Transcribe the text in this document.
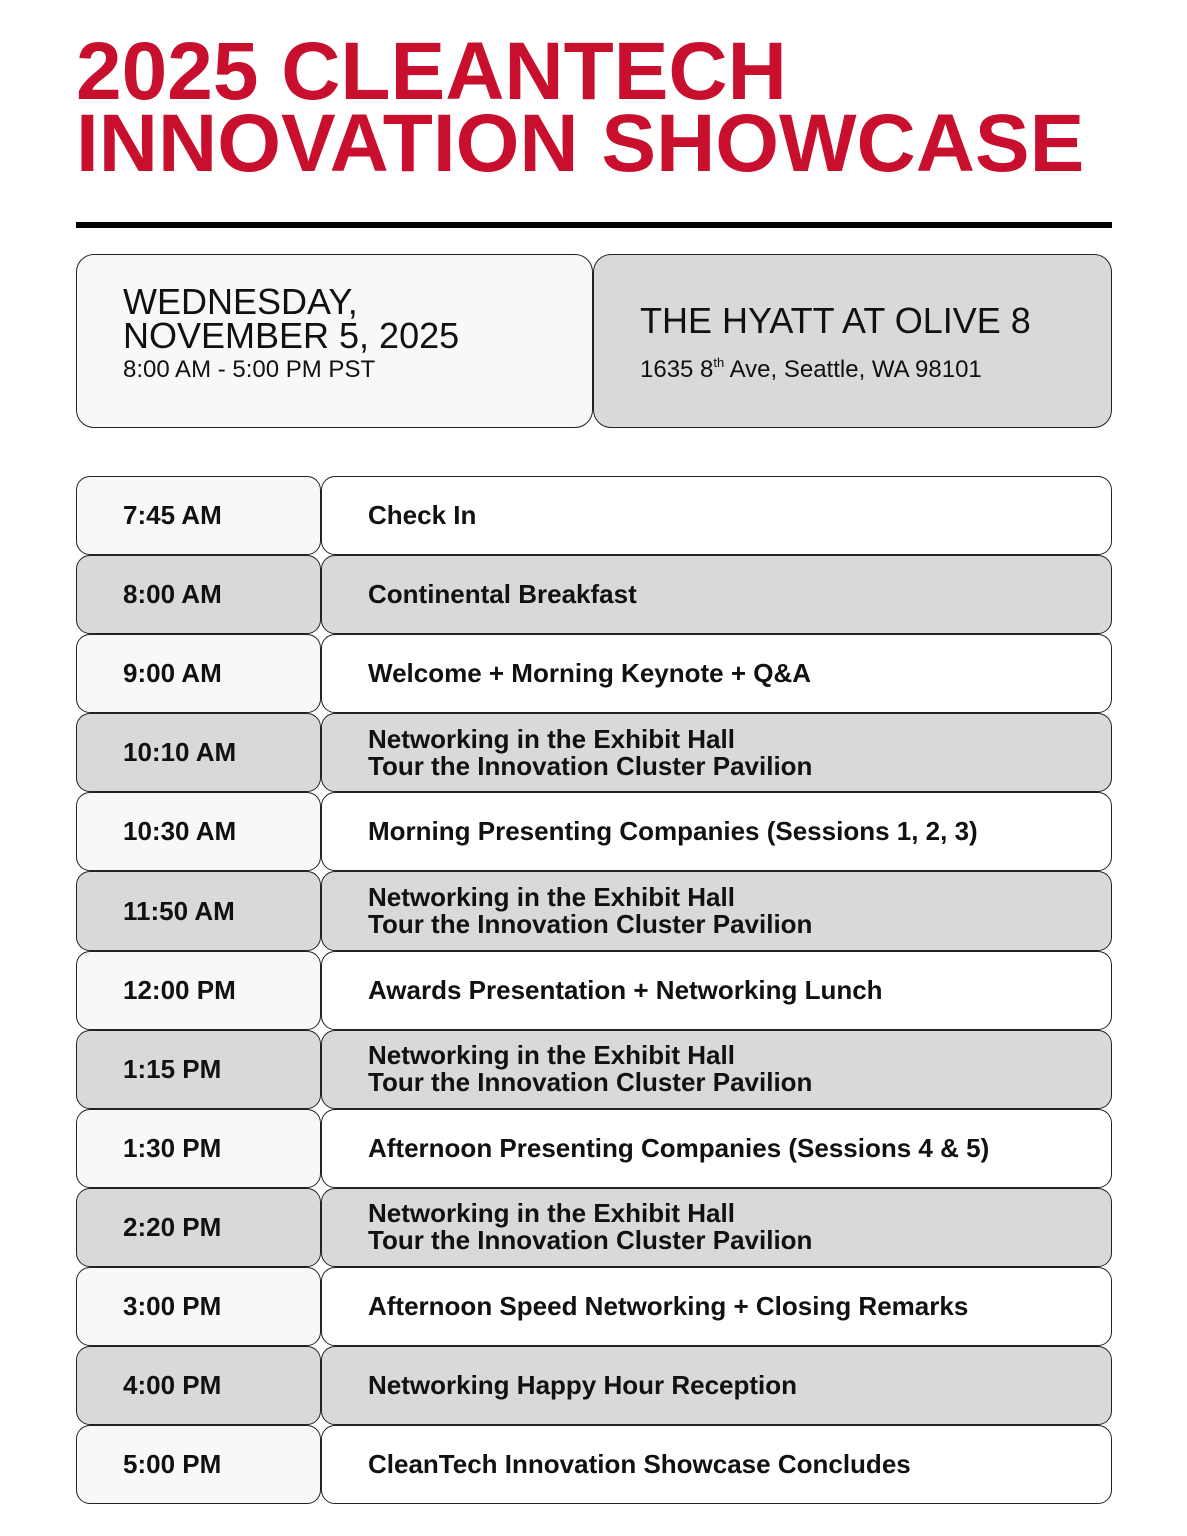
2025 CLEANTECH
INNOVATION SHOWCASE
WEDNESDAY,
NOVEMBER 5, 2025
8:00 AM - 5:00 PM PST
THE HYATT AT OLIVE 8
1635 8th Ave, Seattle, WA 98101
7:45 AM	Check In
8:00 AM	Continental Breakfast
9:00 AM	Welcome + Morning Keynote + Q&A
10:10 AM	Networking in the Exhibit Hall
Tour the Innovation Cluster Pavilion
10:30 AM	Morning Presenting Companies (Sessions 1, 2, 3)
11:50 AM	Networking in the Exhibit Hall
Tour the Innovation Cluster Pavilion
12:00 PM	Awards Presentation + Networking Lunch
1:15 PM	Networking in the Exhibit Hall
Tour the Innovation Cluster Pavilion
1:30 PM	Afternoon Presenting Companies (Sessions 4 & 5)
2:20 PM	Networking in the Exhibit Hall
Tour the Innovation Cluster Pavilion
3:00 PM	Afternoon Speed Networking + Closing Remarks
4:00 PM	Networking Happy Hour Reception
5:00 PM	CleanTech Innovation Showcase Concludes
